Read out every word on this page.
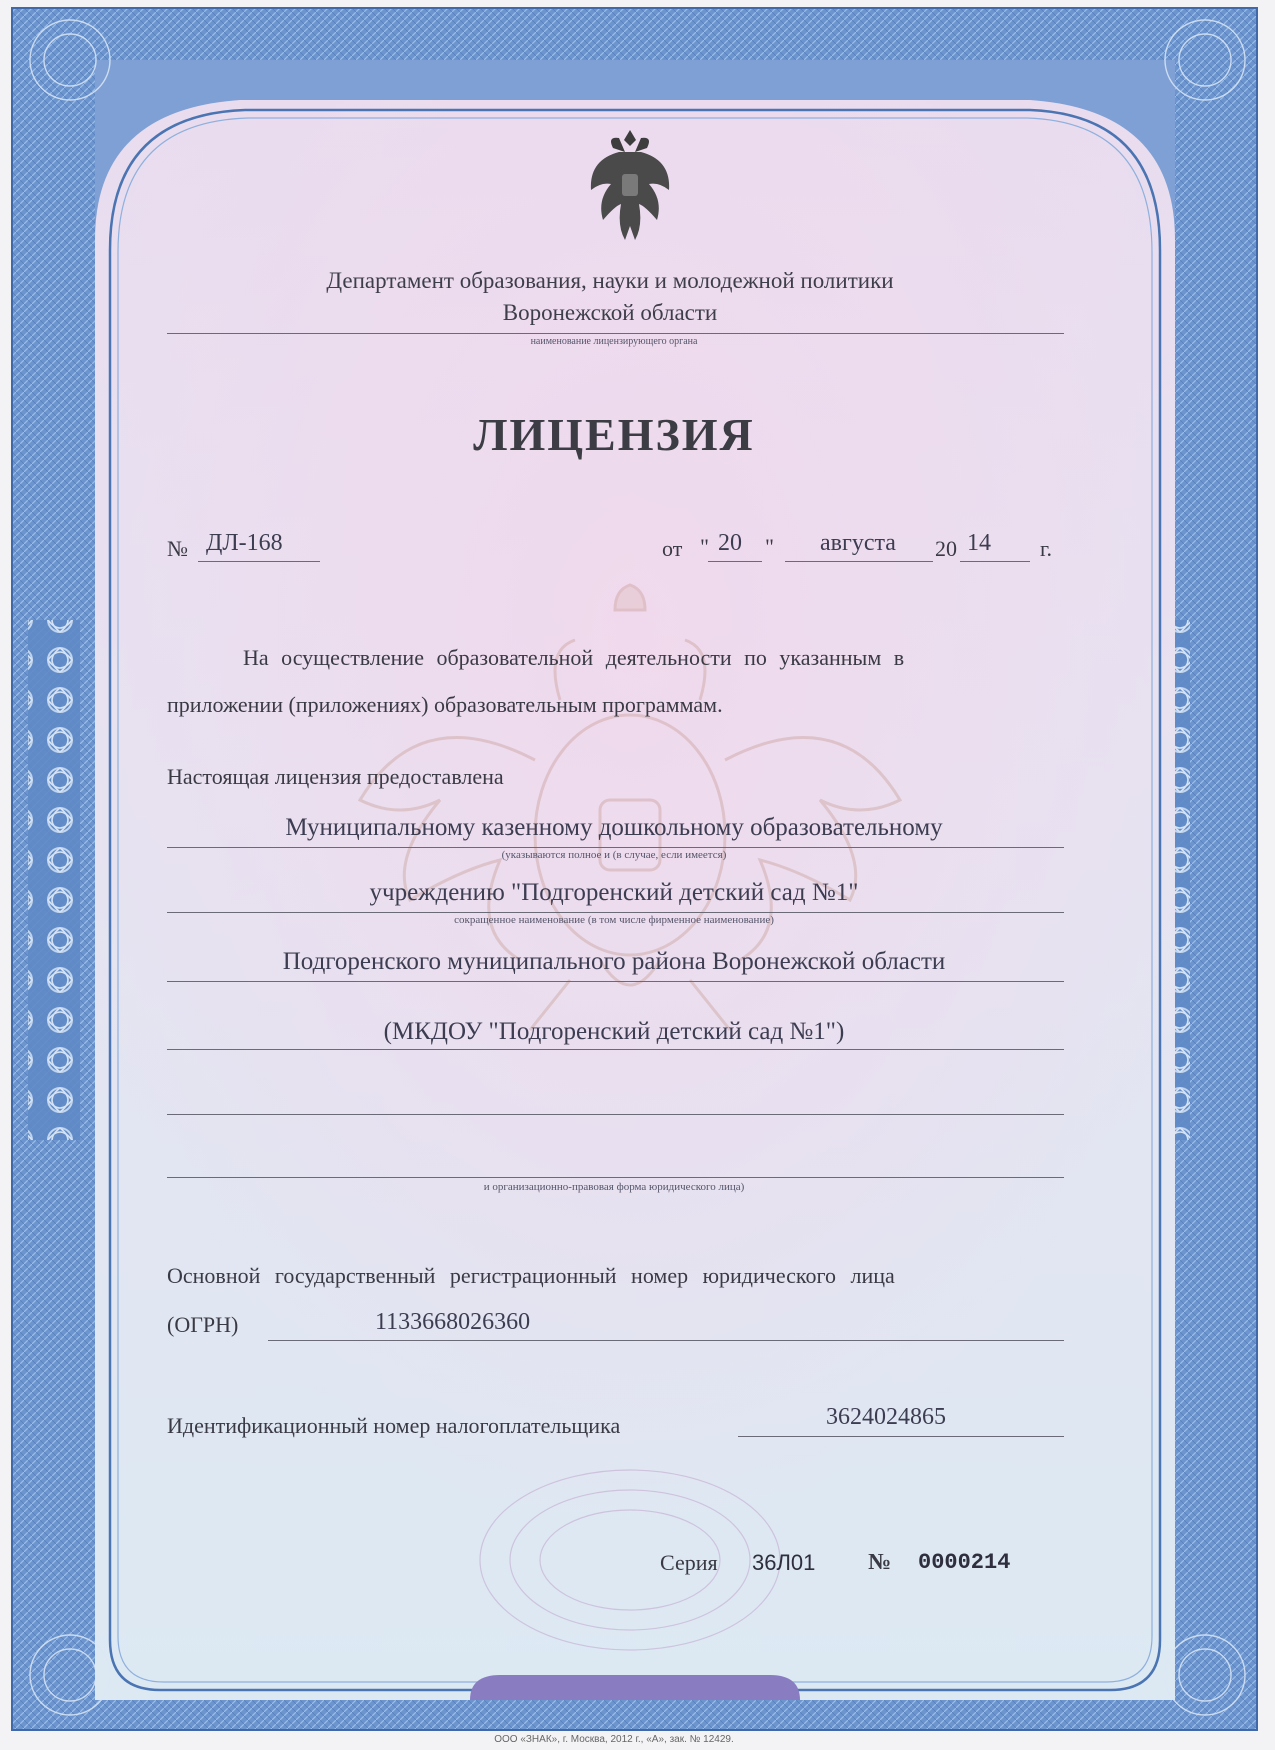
Департамент образования, науки и молодежной политики
Воронежской области
наименование лицензирующего органа
ЛИЦЕНЗИЯ
№ ДЛ-168	от " 20 " августа 20 14 г.
На осуществление образовательной деятельности по указанным в
приложении (приложениях) образовательным программам.
Настоящая лицензия предоставлена
Муниципальному казенному дошкольному образовательному
(указываются полное и (в случае, если имеется)
учреждению "Подгоренский детский сад №1"
сокращенное наименование (в том числе фирменное наименование)
Подгоренского муниципального района Воронежской области
(МКДОУ "Подгоренский детский сад №1")
и организационно-правовая форма юридического лица)
Основной государственный регистрационный номер юридического лица
(ОГРН)	1133668026360
Идентификационный номер налогоплательщика	3624024865
Серия 36Л01 № 0000214
ООО «ЗНАК», г. Москва, 2012 г., «А», зак. № 12429.
